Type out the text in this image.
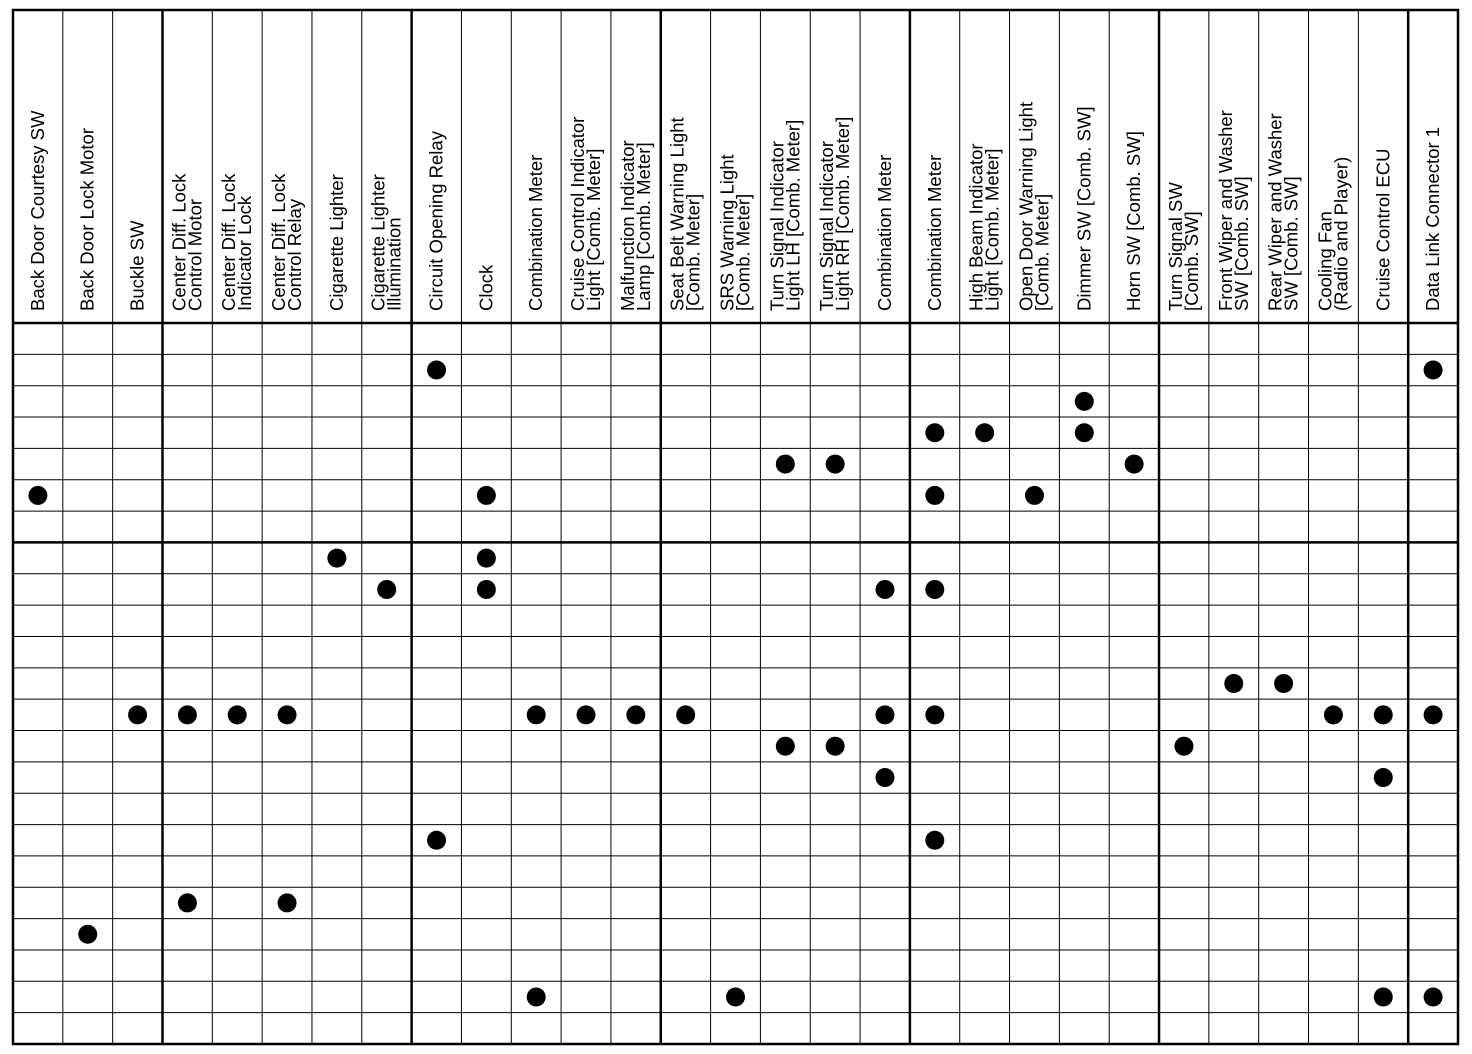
Back Door Courtesy SW Back Door Lock Motor Buckle SW Center Diff. Lock
Control Motor Center Diff. Lock
Indicator Lock Center Diff. Lock
Control Relay Cigarette Lighter Cigarette Lighter
Illumination Circuit Opening Relay Clock Combination Meter Cruise Control Indicator
Light [Comb. Meter] Malfunction Indicator
Lamp [Comb. Meter] Seat Belt Warning Light
[Comb. Meter] SRS Warning Light
[Comb. Meter] Turn Signal Indicator
Light LH [Comb. Meter] Turn Signal Indicator
Light RH [Comb. Meter] Combination Meter Combination Meter High Beam Indicator
Light [Comb. Meter] Open Door Warning Light
[Comb. Meter] Dimmer SW [Comb. SW] Horn SW [Comb. SW] Turn Signal SW
[Comb. SW] Front Wiper and Washer
SW [Comb. SW] Rear Wiper and Washer
SW [Comb. SW] Cooling Fan
(Radio and Player) Cruise Control ECU Data Link Connector 1
